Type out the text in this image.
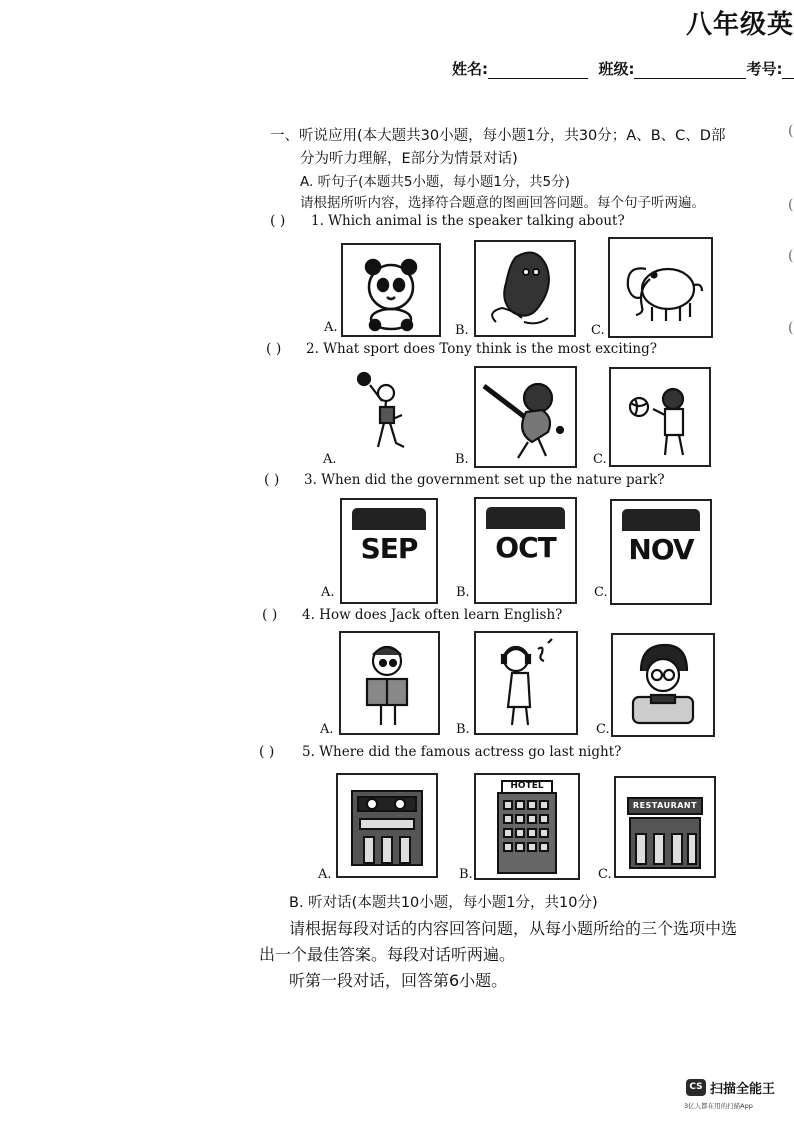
八年级英
姓名:	班级:	考号:
一、听说应用(本大题共30小题，每小题1分，共30分；A、B、C、D部
分为听力理解，E部分为情景对话)
A. 听句子(本题共5小题，每小题1分，共5分)
请根据所听内容，选择符合题意的图画回答问题。每个句子听两遍。
( ) 1. Which animal is the speaker talking about?
A.	B.	C.
( ) 2. What sport does Tony think is the most exciting?
A.	B.	C.
( ) 3. When did the government set up the nature park?
A.
SEP
B.
OCT
C.
NOV
( ) 4. How does Jack often learn English?
A.	B.	C.
( ) 5. Where did the famous actress go last night?
A.	B.
HOTEL
C.
RESTAURANT
B. 听对话(本题共10小题，每小题1分，共10分)
请根据每段对话的内容回答问题，从每小题所给的三个选项中选
出一个最佳答案。每段对话听两遍。
听第一段对话，回答第6小题。
(
(
(
(
CS 扫描全能王
3亿人都在用的扫描App
